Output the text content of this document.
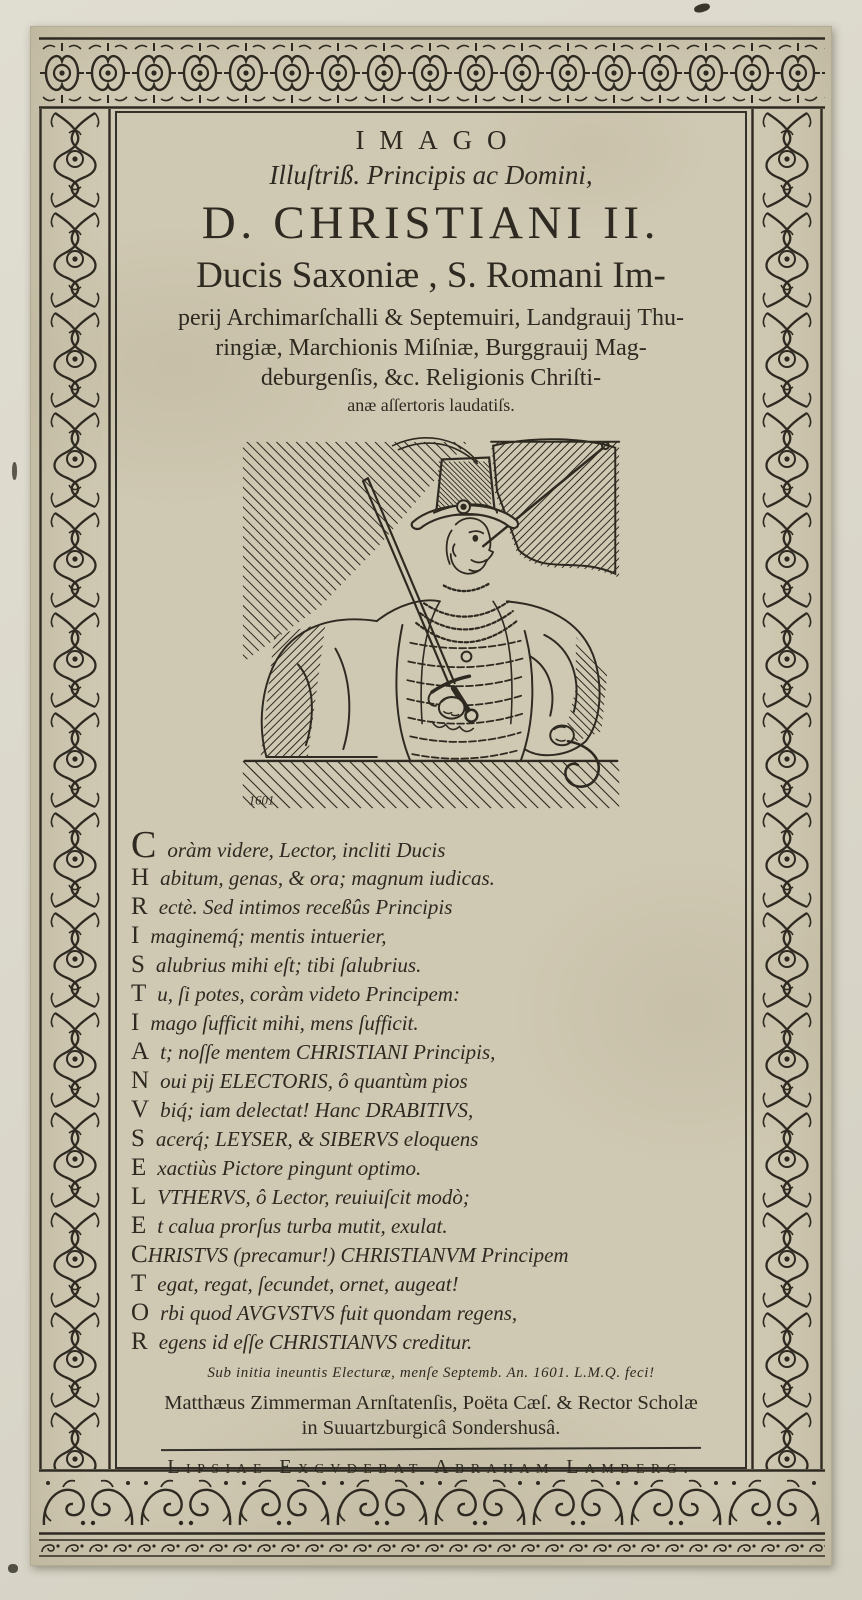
IMAGO
Illuſtriß. Principis ac Domini,
D. CHRISTIANI II.
Ducis Saxoniæ , S. Romani Im-
perij Archimarſchalli & Septemuiri, Landgrauij Thu-
ringiæ, Marchionis Miſniæ, Burggrauij Mag-
deburgenſis, &c. Religionis Chriſti-
anæ aſſertoris laudatiſs.
1601
Coràm videre, Lector, incliti Ducis
H abitum, genas, & ora; magnum iudicas.
R ectè. Sed intimos receßûs Principis
I maginemq́; mentis intuerier,
S alubrius mihi eſt; tibi ſalubrius.
T u, ſi potes, coràm videto Principem:
I mago ſufficit mihi, mens ſufficit.
A t; noſſe mentem CHRISTIANI Principis,
N oui pij ELECTORIS, ô quantùm pios
V biq́; iam delectat! Hanc DRABITIVS,
S acerq́; LEYSER, & SIBERVS eloquens
E xactiùs Pictore pingunt optimo.
L VTHERVS, ô Lector, reuiuiſcit modò;
E t calua prorſus turba mutit, exulat.
CHRISTVS (precamur!) CHRISTIANVM Principem
T egat, regat, ſecundet, ornet, augeat!
O rbi quod AVGVSTVS fuit quondam regens,
R egens id eſſe CHRISTIANVS creditur.
Sub initia ineuntis Electuræ, menſe Septemb. An. 1601. L.M.Q. feci!
Matthæus Zimmerman Arnſtatenſis, Poëta Cæſ. & Rector Scholæ
in Suuartzburgicâ Sondershusâ.
Lipsiae Excvdebat Abraham Lamberg.
